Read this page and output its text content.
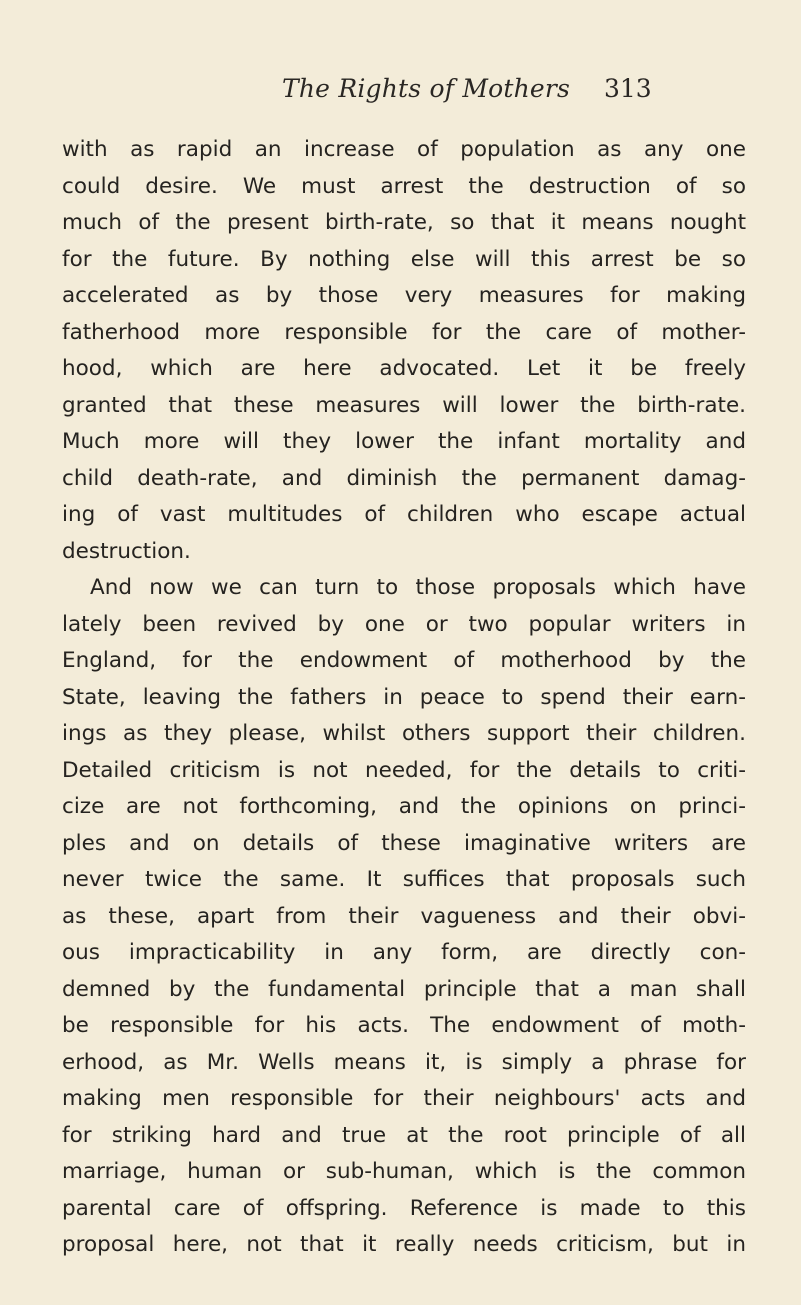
The Rights of Mothers 313
with as rapid an increase of population as any one
could desire. We must arrest the destruction of so
much of the present birth-rate, so that it means nought
for the future. By nothing else will this arrest be so
accelerated as by those very measures for making
fatherhood more responsible for the care of mother-
hood, which are here advocated. Let it be freely
granted that these measures will lower the birth-rate.
Much more will they lower the infant mortality and
child death-rate, and diminish the permanent damag-
ing of vast multitudes of children who escape actual
destruction.
And now we can turn to those proposals which have
lately been revived by one or two popular writers in
England, for the endowment of motherhood by the
State, leaving the fathers in peace to spend their earn-
ings as they please, whilst others support their children.
Detailed criticism is not needed, for the details to criti-
cize are not forthcoming, and the opinions on princi-
ples and on details of these imaginative writers are
never twice the same. It suffices that proposals such
as these, apart from their vagueness and their obvi-
ous impracticability in any form, are directly con-
demned by the fundamental principle that a man shall
be responsible for his acts. The endowment of moth-
erhood, as Mr. Wells means it, is simply a phrase for
making men responsible for their neighbours' acts and
for striking hard and true at the root principle of all
marriage, human or sub-human, which is the common
parental care of offspring. Reference is made to this
proposal here, not that it really needs criticism, but in
